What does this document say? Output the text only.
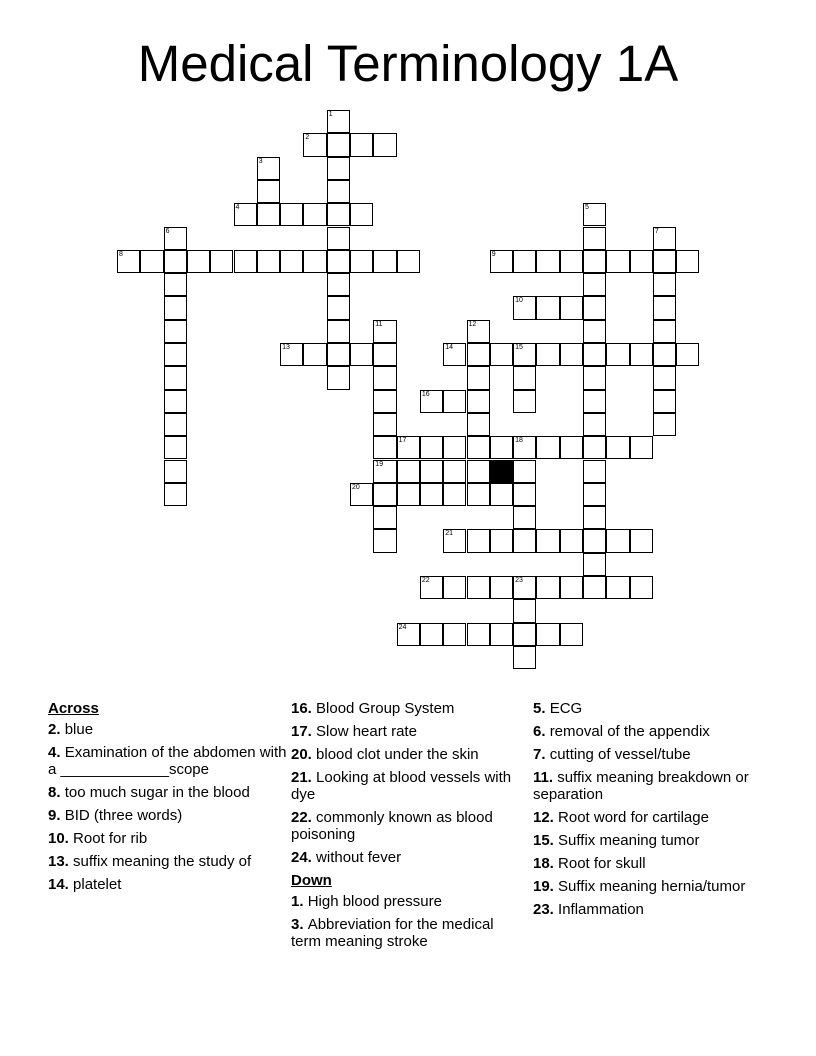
Medical Terminology 1A
1
2
3
4	5
6	7
8	9
10
11
19
12
13	14	15
16
17	18
20
21
22	23
24
Across
2. blue
4. Examination of the abdomen with a _____________scope
8. too much sugar in the blood
9. BID (three words)
10. Root for rib
13. suffix meaning the study of
14. platelet
16. Blood Group System
17. Slow heart rate
20. blood clot under the skin
21. Looking at blood vessels with dye
22. commonly known as blood poisoning
24. without fever
Down
1. High blood pressure
3. Abbreviation for the medical term meaning stroke
5. ECG
6. removal of the appendix
7. cutting of vessel/tube
11. suffix meaning breakdown or separation
12. Root word for cartilage
15. Suffix meaning tumor
18. Root for skull
19. Suffix meaning hernia/tumor
23. Inflammation
